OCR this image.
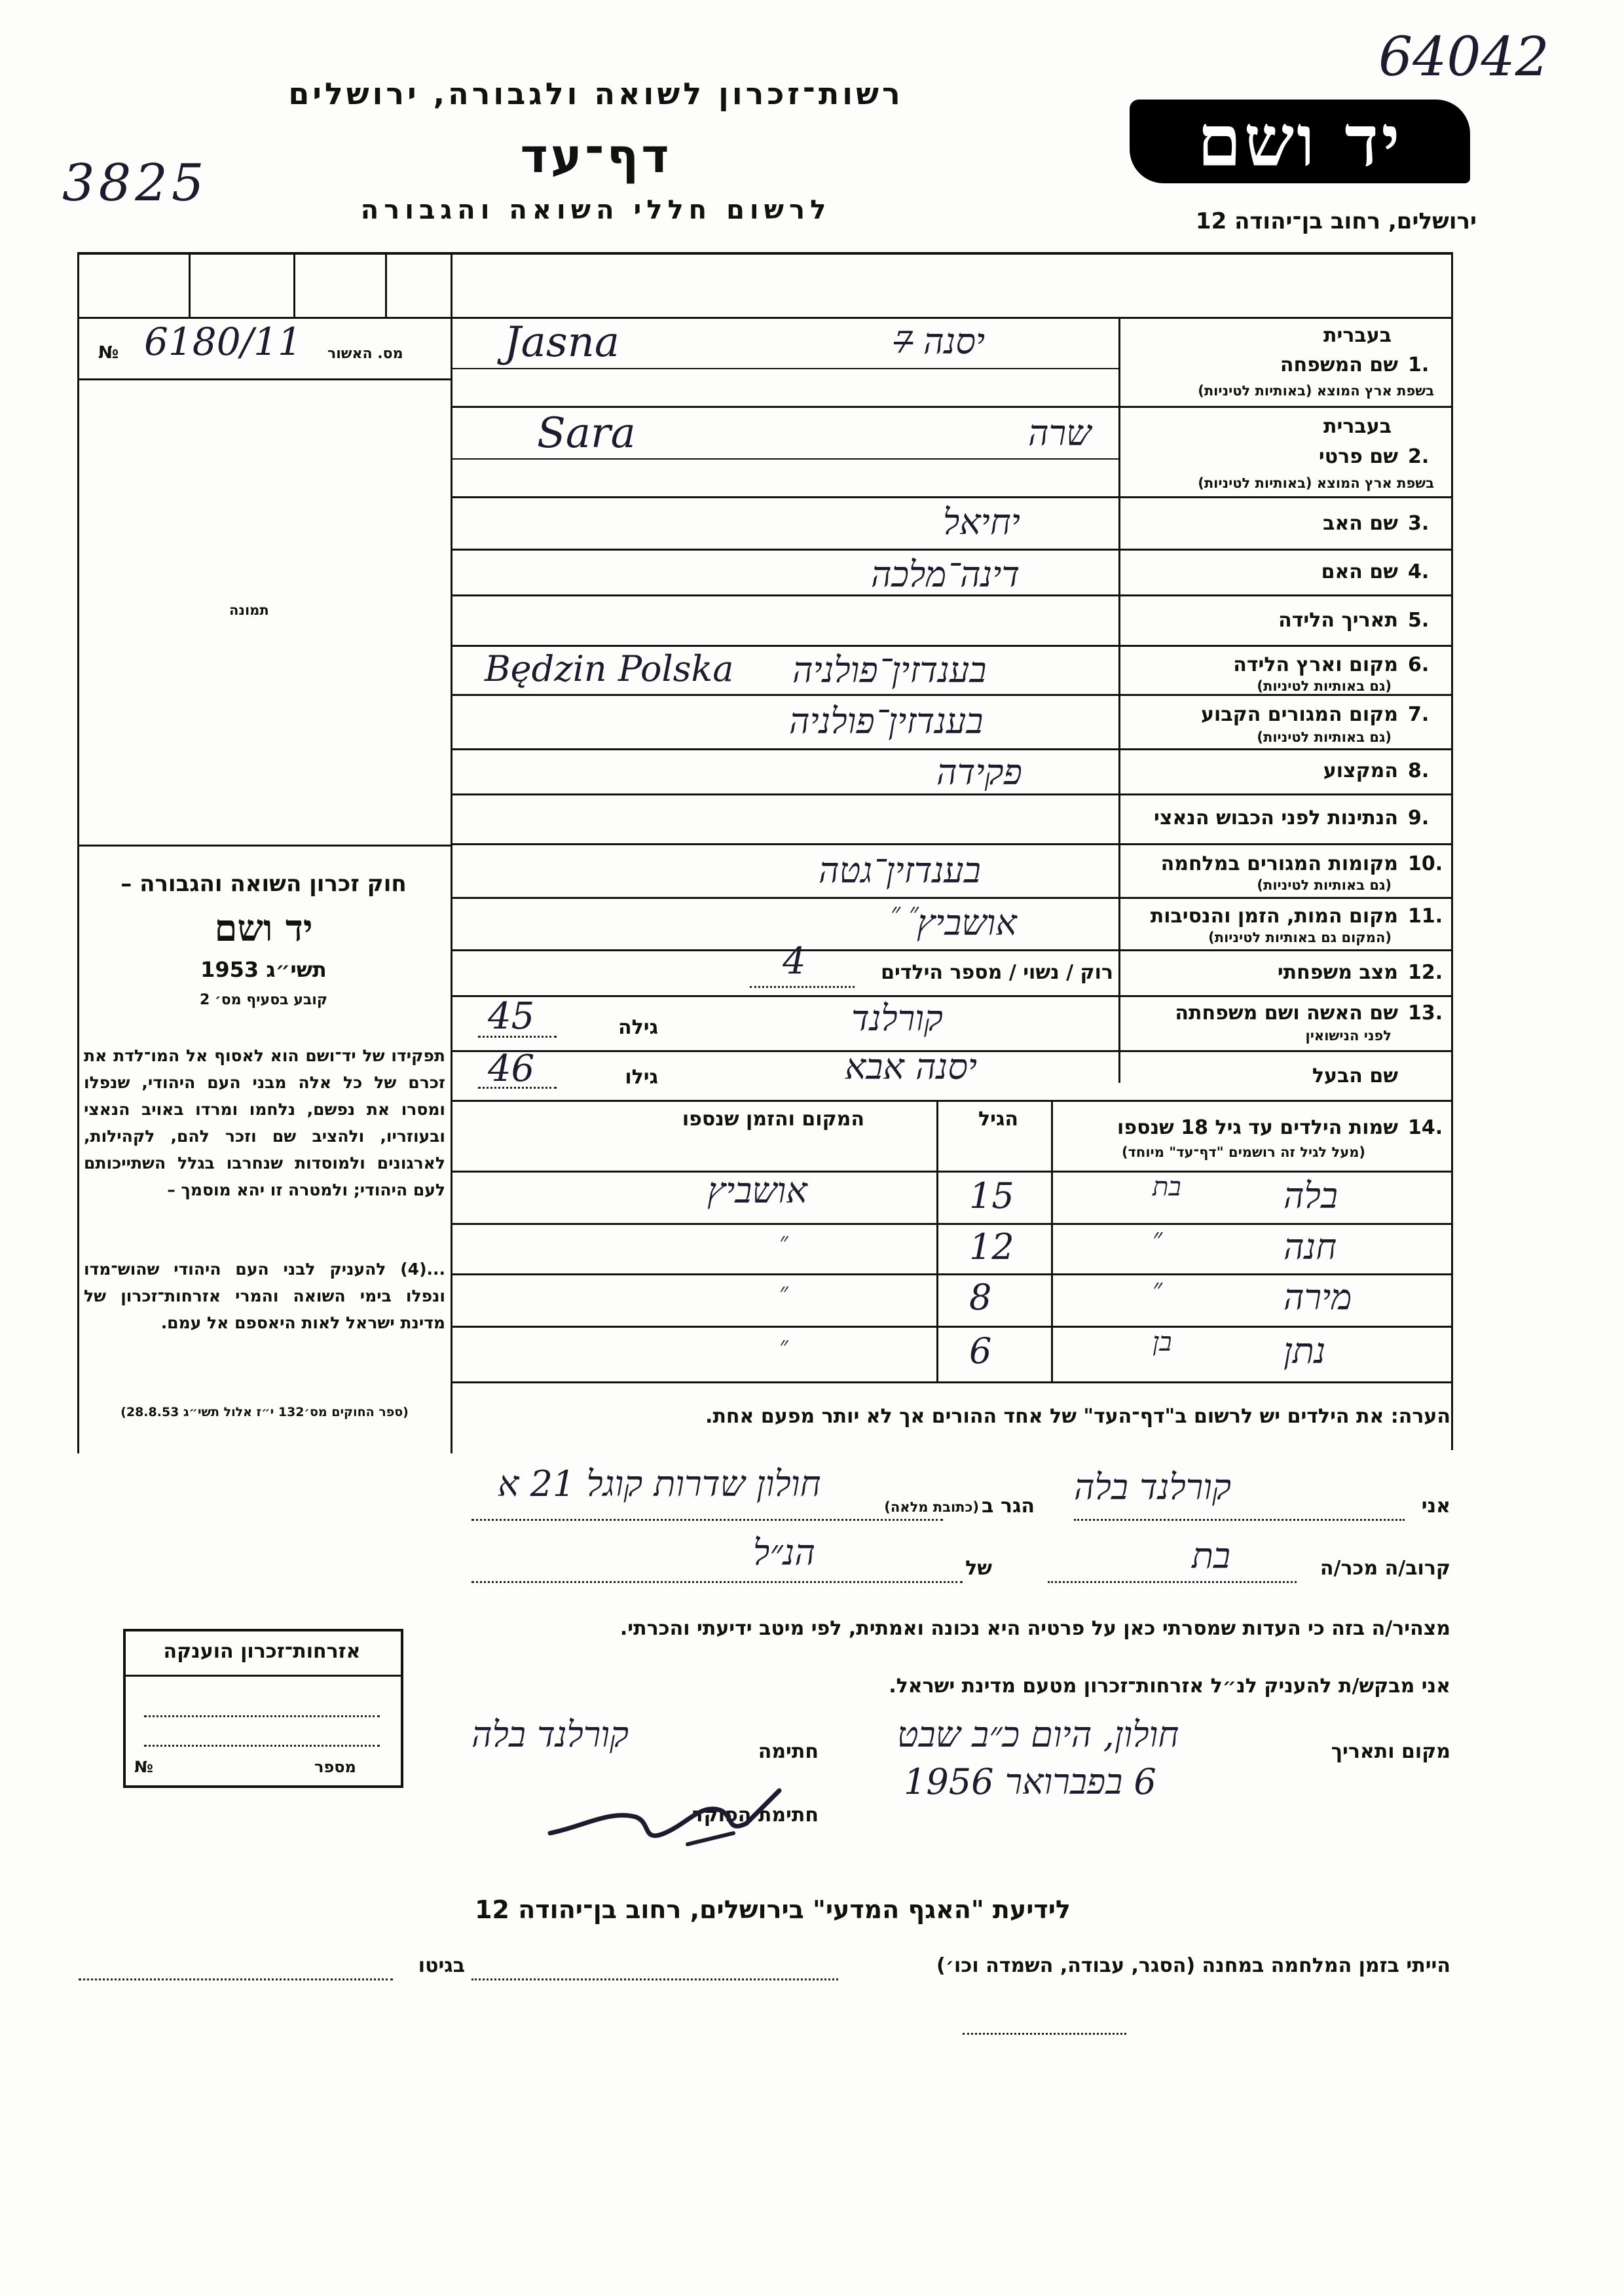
64042
3825
יד ושם
ירושלים, רחוב בן־יהודה 12
רשות־זכרון לשואה ולגבורה, ירושלים
דף־עד
לרשום חללי השואה והגבורה
№ 6180/11 מס. האשור
תמונה
חוק זכרון השואה והגבורה –
יד ושם
תשי״ג 1953
קובע בסעיף מס׳ 2
תפקידו של יד־ושם הוא לאסוף אל המו־לדת את זכרם של כל אלה מבני העם היהודי, שנפלו ומסרו את נפשם, נלחמו ומרדו באויב הנאצי ובעוזריו, ולהציב שם וזכר להם, לקהילות, לארגונים ולמוסדות שנחרבו בגלל השתייכותם לעם היהודי; ולמטרה זו יהא מוסמך –
...(4) להעניק לבני העם היהודי שהוש־מדו ונפלו בימי השואה והמרי אזרחות־זכרון של מדינת ישראל לאות היאספם אל עמם.
(ספר החוקים מס׳132 י״ז אלול תשי״ג 28.8.53)
בעברית
1.
שם המשפחה
בשפת ארץ המוצא (באותיות לטיניות)
יסנה
7
Jasna
בעברית
2.
שם פרטי
בשפת ארץ המוצא (באותיות לטיניות)
שרה
Sara
3.
שם האב
יחיאל
4.
שם האם
דינה־מלכה
5.
תאריך הלידה
6.
מקום וארץ הלידה
(גם באותיות לטיניות)
בענדזין־פולניה
Będzin Polska
7.
מקום המגורים הקבוע
(גם באותיות לטיניות)
בענדזין־פולניה
8.
המקצוע
פקידה
9.
הנתינות לפני הכבוש הנאצי
10.
מקומות המגורים במלחמה
(גם באותיות לטיניות)
בענדזין־גטה
11.
מקום המות, הזמן והנסיבות
(המקום גם באותיות לטיניות)
אושביץ
״ ״
12.
מצב משפחתי
רוק / נשוי / מספר הילדים
4
13.
שם האשה ושם משפחתה
לפני הנישואין
גילה
45	קורלנד
שם הבעל
יסנה אבא
גילו
46
14.
שמות הילדים עד גיל 18 שנספו
(מעל לגיל זה רושמים "דף־עד" מיוחד)
הגיל
המקום והזמן שנספו
בלה
בת
15
אושביץ
חנה
״
12
״
מירה
״
8
״
נתן
בן
6
״
הערה: את הילדים יש לרשום ב"דף־העד" של אחד ההורים אך לא יותר מפעם אחת.
אני
קורלנד בלה
הגר ב
(כתובת מלאה)
חולון שדרות קוגל 21 א
קרוב/ה מכר/ה
בת
של
הנ״ל
מצהיר/ה בזה כי העדות שמסרתי כאן על פרטיה היא נכונה ואמתית, לפי מיטב ידיעתי והכרתי.
אני מבקש/ת להעניק לנ״ל אזרחות־זכרון מטעם מדינת ישראל.
מקום ותאריך
חולון, היום כ״ב שבט
6 בפברואר 1956
חתימה
קורלנד בלה
חתימת הפוקד
אזרחות־זכרון הוענקה
מספר
№
לידיעת "האגף המדעי" בירושלים, רחוב בן־יהודה 12
הייתי בזמן המלחמה במחנה (הסגר, עבודה, השמדה וכו׳)
בגיטו
